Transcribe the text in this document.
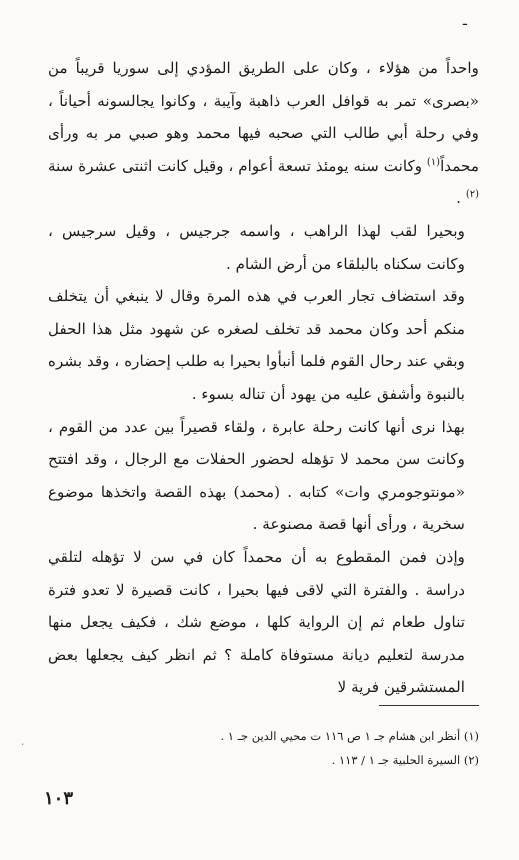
ـ

واحداً من هؤلاء ، وكان على الطريق المؤدي إلى سوريا قريباً من «بصرى» تمر به قوافل العرب ذاهبة وآيبة ، وكانوا يجالسونه أحياناً ، وفي رحلة أبي طالب التي صحبه فيها محمد وهو صبي مر به ورأى محمداً$^{(١)}$ وكانت سنه يومئذ تسعة أعوام ، وقيل كانت اثنتى عشرة سنة $^{(٢)}$ .

وبحيرا لقب لهذا الراهب ، واسمه جرجيس ، وقيل سرجيس ، وكانت سكناه بالبلقاء من أرض الشام .

وقد استضاف تجار العرب في هذه المرة وقال لا ينبغي أن يتخلف منكم أحد وكان محمد قد تخلف لصغره عن شهود مثل هذا الحفل وبقي عند رحال القوم فلما أنبأوا بحيرا به طلب إحضاره ، وقد بشره بالنبوة وأشفق عليه من يهود أن تناله بسوء .

بهذا نرى أنها كانت رحلة عابرة ، ولقاء قصيراً بين عدد من القوم ، وكانت سن محمد لا تؤهله لحضور الحفلات مع الرجال ، وقد افتتح «مونتوجومري وات» كتابه . (محمد) بهذه القصة واتخذها موضوع سخرية ، ورأى أنها قصة مصنوعة .

وإذن فمن المقطوع به أن محمداً كان في سن لا تؤهله لتلقي دراسة . والفترة التي لاقى فيها بحيرا ، كانت قصيرة لا تعدو فترة تناول طعام ثم إن الرواية كلها ، موضع شك ، فكيف يجعل منها مدرسة لتعليم ديانة مستوفاة كاملة ؟ ثم انظر كيف يجعلها بعض المستشرقين فرية لا

(١) أنظر ابن هشام جـ ١ ص ١١٦ ت محيي الدين جـ ١ .
(٢) السيرة الحلبية جـ ١ / ١١٣ .
٠
١٠٣
